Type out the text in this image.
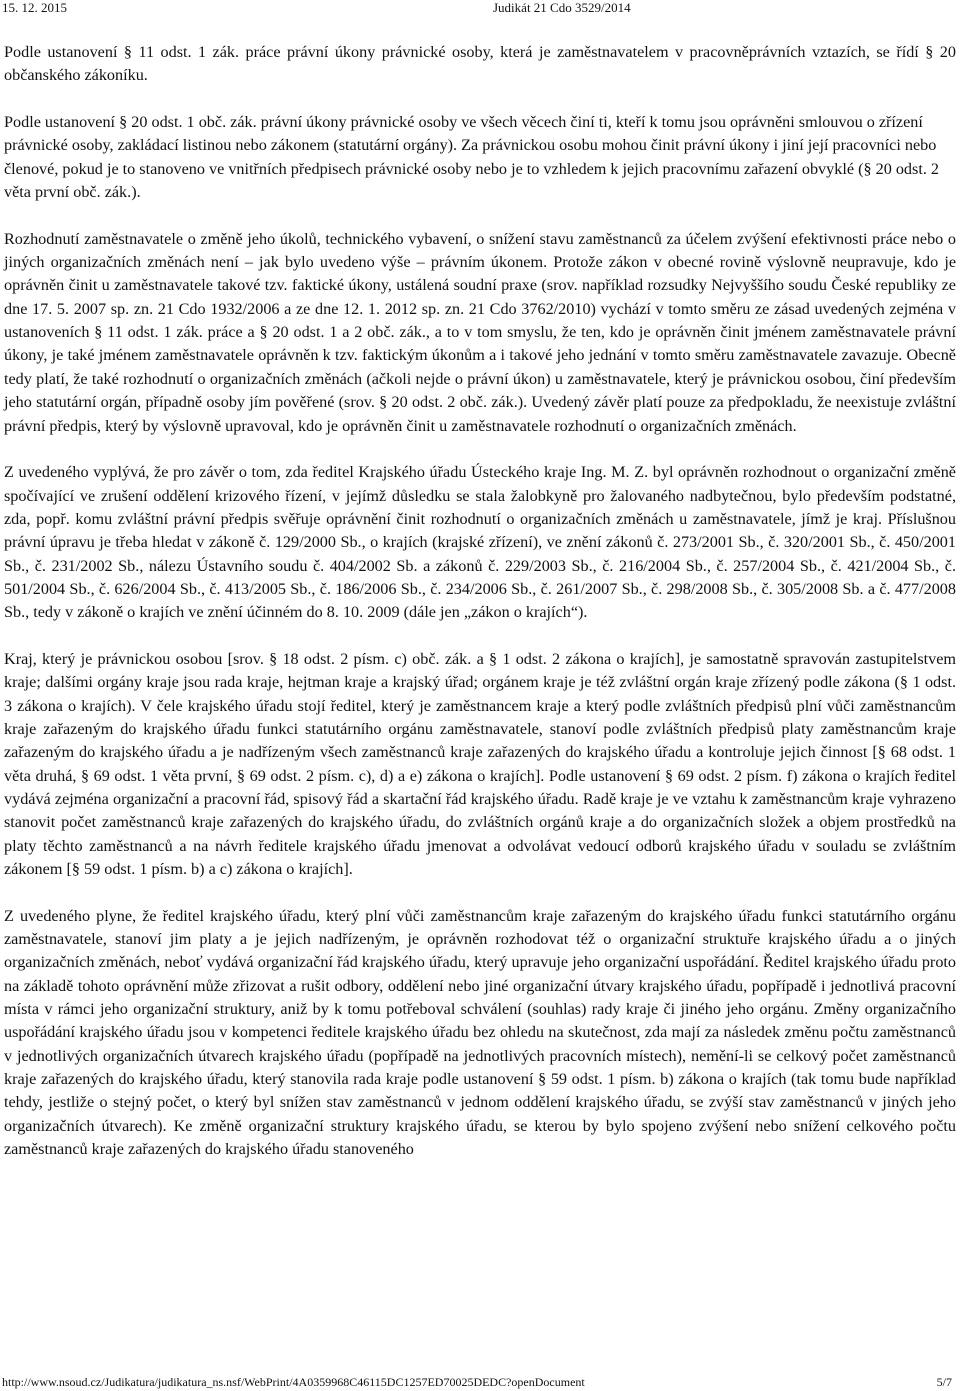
15. 12. 2015	Judikát 21 Cdo 3529/2014

Podle ustanovení § 11 odst. 1 zák. práce právní úkony právnické osoby, která je zaměstnavatelem v pracovněprávních vztazích, se řídí § 20 občanského zákoníku.

Podle ustanovení § 20 odst. 1 obč. zák. právní úkony právnické osoby ve všech věcech činí ti, kteří k tomu jsou oprávněni smlouvou o zřízení právnické osoby, zakládací listinou nebo zákonem (statutární orgány). Za právnickou osobu mohou činit právní úkony i jiní její pracovníci nebo členové, pokud je to stanoveno ve vnitřních předpisech právnické osoby nebo je to vzhledem k jejich pracovnímu zařazení obvyklé (§ 20 odst. 2 věta první obč. zák.).

Rozhodnutí zaměstnavatele o změně jeho úkolů, technického vybavení, o snížení stavu zaměstnanců za účelem zvýšení efektivnosti práce nebo o jiných organizačních změnách není – jak bylo uvedeno výše – právním úkonem. Protože zákon v obecné rovině výslovně neupravuje, kdo je oprávněn činit u zaměstnavatele takové tzv. faktické úkony, ustálená soudní praxe (srov. například rozsudky Nejvyššího soudu České republiky ze dne 17. 5. 2007 sp. zn. 21 Cdo 1932/2006 a ze dne 12. 1. 2012 sp. zn. 21 Cdo 3762/2010) vychází v tomto směru ze zásad uvedených zejména v ustanoveních § 11 odst. 1 zák. práce a § 20 odst. 1 a 2 obč. zák., a to v tom smyslu, že ten, kdo je oprávněn činit jménem zaměstnavatele právní úkony, je také jménem zaměstnavatele oprávněn k tzv. faktickým úkonům a i takové jeho jednání v tomto směru zaměstnavatele zavazuje. Obecně tedy platí, že také rozhodnutí o organizačních změnách (ačkoli nejde o právní úkon) u zaměstnavatele, který je právnickou osobou, činí především jeho statutární orgán, případně osoby jím pověřené (srov. § 20 odst. 2 obč. zák.). Uvedený závěr platí pouze za předpokladu, že neexistuje zvláštní právní předpis, který by výslovně upravoval, kdo je oprávněn činit u zaměstnavatele rozhodnutí o organizačních změnách.

Z uvedeného vyplývá, že pro závěr o tom, zda ředitel Krajského úřadu Ústeckého kraje Ing. M. Z. byl oprávněn rozhodnout o organizační změně spočívající ve zrušení oddělení krizového řízení, v jejímž důsledku se stala žalobkyně pro žalovaného nadbytečnou, bylo především podstatné, zda, popř. komu zvláštní právní předpis svěřuje oprávnění činit rozhodnutí o organizačních změnách u zaměstnavatele, jímž je kraj. Příslušnou právní úpravu je třeba hledat v zákoně č. 129/2000 Sb., o krajích (krajské zřízení), ve znění zákonů č. 273/2001 Sb., č. 320/2001 Sb., č. 450/2001 Sb., č. 231/2002 Sb., nálezu Ústavního soudu č. 404/2002 Sb. a zákonů č. 229/2003 Sb., č. 216/2004 Sb., č. 257/2004 Sb., č. 421/2004 Sb., č. 501/2004 Sb., č. 626/2004 Sb., č. 413/2005 Sb., č. 186/2006 Sb., č. 234/2006 Sb., č. 261/2007 Sb., č. 298/2008 Sb., č. 305/2008 Sb. a č. 477/2008 Sb., tedy v zákoně o krajích ve znění účinném do 8. 10. 2009 (dále jen „zákon o krajích“).

Kraj, který je právnickou osobou [srov. § 18 odst. 2 písm. c) obč. zák. a § 1 odst. 2 zákona o krajích], je samostatně spravován zastupitelstvem kraje; dalšími orgány kraje jsou rada kraje, hejtman kraje a krajský úřad; orgánem kraje je též zvláštní orgán kraje zřízený podle zákona (§ 1 odst. 3 zákona o krajích). V čele krajského úřadu stojí ředitel, který je zaměstnancem kraje a který podle zvláštních předpisů plní vůči zaměstnancům kraje zařazeným do krajského úřadu funkci statutárního orgánu zaměstnavatele, stanoví podle zvláštních předpisů platy zaměstnancům kraje zařazeným do krajského úřadu a je nadřízeným všech zaměstnanců kraje zařazených do krajského úřadu a kontroluje jejich činnost [§ 68 odst. 1 věta druhá, § 69 odst. 1 věta první, § 69 odst. 2 písm. c), d) a e) zákona o krajích]. Podle ustanovení § 69 odst. 2 písm. f) zákona o krajích ředitel vydává zejména organizační a pracovní řád, spisový řád a skartační řád krajského úřadu. Radě kraje je ve vztahu k zaměstnancům kraje vyhrazeno stanovit počet zaměstnanců kraje zařazených do krajského úřadu, do zvláštních orgánů kraje a do organizačních složek a objem prostředků na platy těchto zaměstnanců a na návrh ředitele krajského úřadu jmenovat a odvolávat vedoucí odborů krajského úřadu v souladu se zvláštním zákonem [§ 59 odst. 1 písm. b) a c) zákona o krajích].

Z uvedeného plyne, že ředitel krajského úřadu, který plní vůči zaměstnancům kraje zařazeným do krajského úřadu funkci statutárního orgánu zaměstnavatele, stanoví jim platy a je jejich nadřízeným, je oprávněn rozhodovat též o organizační struktuře krajského úřadu a o jiných organizačních změnách, neboť vydává organizační řád krajského úřadu, který upravuje jeho organizační uspořádání. Ředitel krajského úřadu proto na základě tohoto oprávnění může zřizovat a rušit odbory, oddělení nebo jiné organizační útvary krajského úřadu, popřípadě i jednotlivá pracovní místa v rámci jeho organizační struktury, aniž by k tomu potřeboval schválení (souhlas) rady kraje či jiného jeho orgánu. Změny organizačního uspořádání krajského úřadu jsou v kompetenci ředitele krajského úřadu bez ohledu na skutečnost, zda mají za následek změnu počtu zaměstnanců v jednotlivých organizačních útvarech krajského úřadu (popřípadě na jednotlivých pracovních místech), nemění-li se celkový počet zaměstnanců kraje zařazených do krajského úřadu, který stanovila rada kraje podle ustanovení § 59 odst. 1 písm. b) zákona o krajích (tak tomu bude například tehdy, jestliže o stejný počet, o který byl snížen stav zaměstnanců v jednom oddělení krajského úřadu, se zvýší stav zaměstnanců v jiných jeho organizačních útvarech). Ke změně organizační struktury krajského úřadu, se kterou by bylo spojeno zvýšení nebo snížení celkového počtu zaměstnanců kraje zařazených do krajského úřadu stanoveného

http://www.nsoud.cz/Judikatura/judikatura_ns.nsf/WebPrint/4A0359968C46115DC1257ED70025DEDC?openDocument	5/7
